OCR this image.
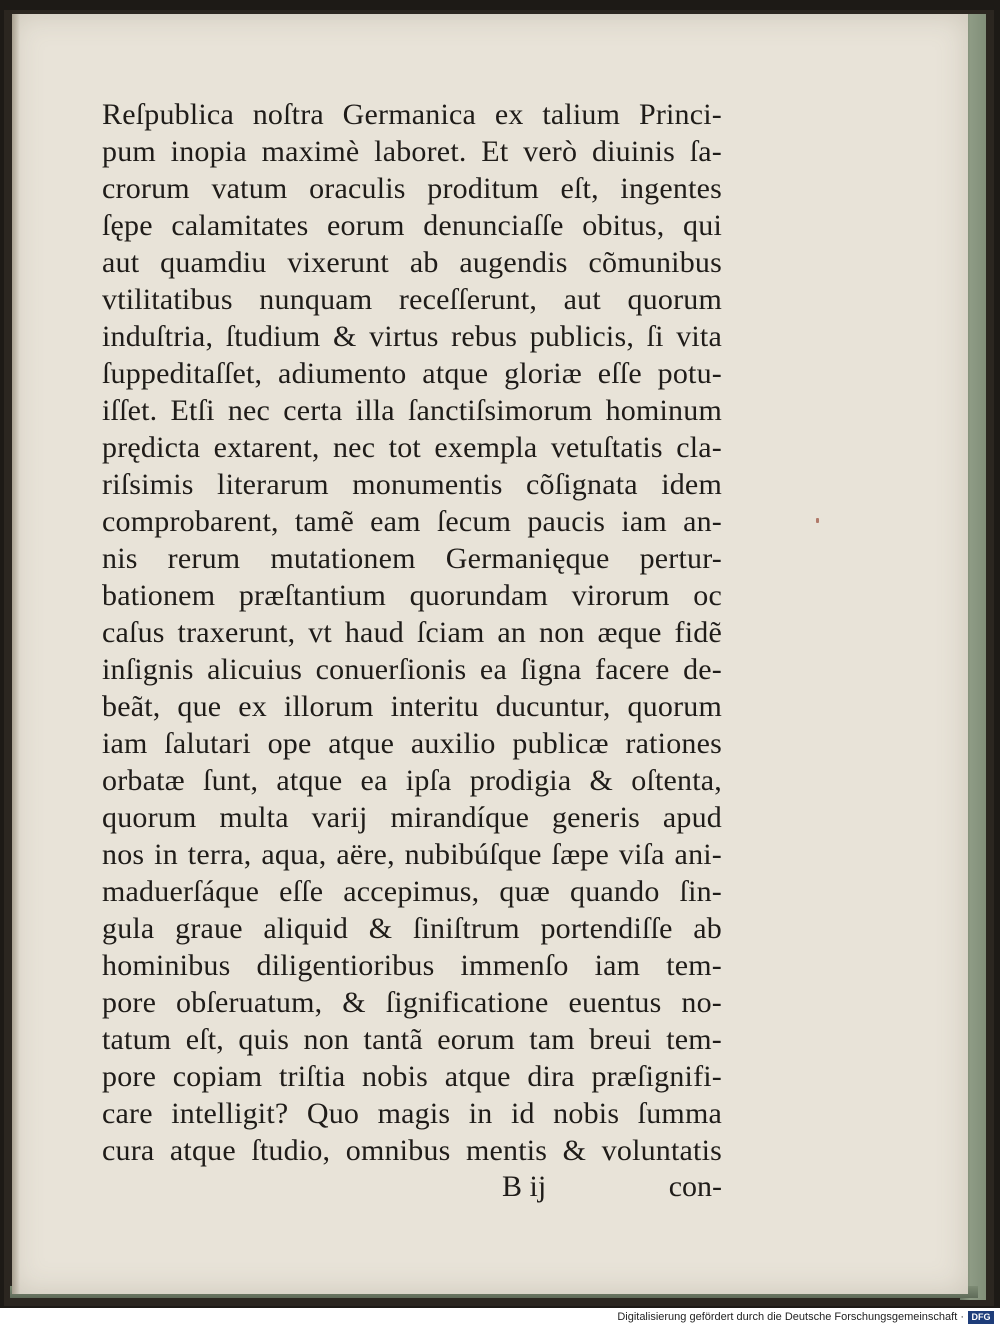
Reſpublica noſtra Germanica ex talium Princi-
pum inopia maximè laboret. Et verò diuinis ſa-
crorum vatum oraculis proditum eſt, ingentes
ſępe calamitates eorum denunciaſſe obitus, qui
aut quamdiu vixerunt ab augendis cõmunibus
vtilitatibus nunquam receſſerunt, aut quorum
induſtria, ſtudium & virtus rebus publicis, ſi vita
ſuppeditaſſet, adiumento atque gloriæ eſſe potu-
iſſet. Etſi nec certa illa ſanctiſsimorum hominum
prędicta extarent, nec tot exempla vetuſtatis cla-
riſsimis literarum monumentis cõſignata idem
comprobarent, tamẽ eam ſecum paucis iam an-
nis rerum mutationem Germanięque pertur-
bationem præſtantium quorundam virorum oc
caſus traxerunt, vt haud ſciam an non æque fidẽ
inſignis alicuius conuerſionis ea ſigna facere de-
beãt, que ex illorum interitu ducuntur, quorum
iam ſalutari ope atque auxilio publicæ rationes
orbatæ ſunt, atque ea ipſa prodigia & oſtenta,
quorum multa varij mirandíque generis apud
nos in terra, aqua, aëre, nubibúſque ſæpe viſa ani-
maduerſáque eſſe accepimus, quæ quando ſin-
gula graue aliquid & ſiniſtrum portendiſſe ab
hominibus diligentioribus immenſo iam tem-
pore obſeruatum, & ſignificatione euentus no-
tatum eſt, quis non tantã eorum tam breui tem-
pore copiam triſtia nobis atque dira præſignifi-
care intelligit? Quo magis in id nobis ſumma
cura atque ſtudio, omnibus mentis & voluntatis
B ij	con-
Digitalisierung gefördert durch die Deutsche Forschungsgemeinschaft · DFG
